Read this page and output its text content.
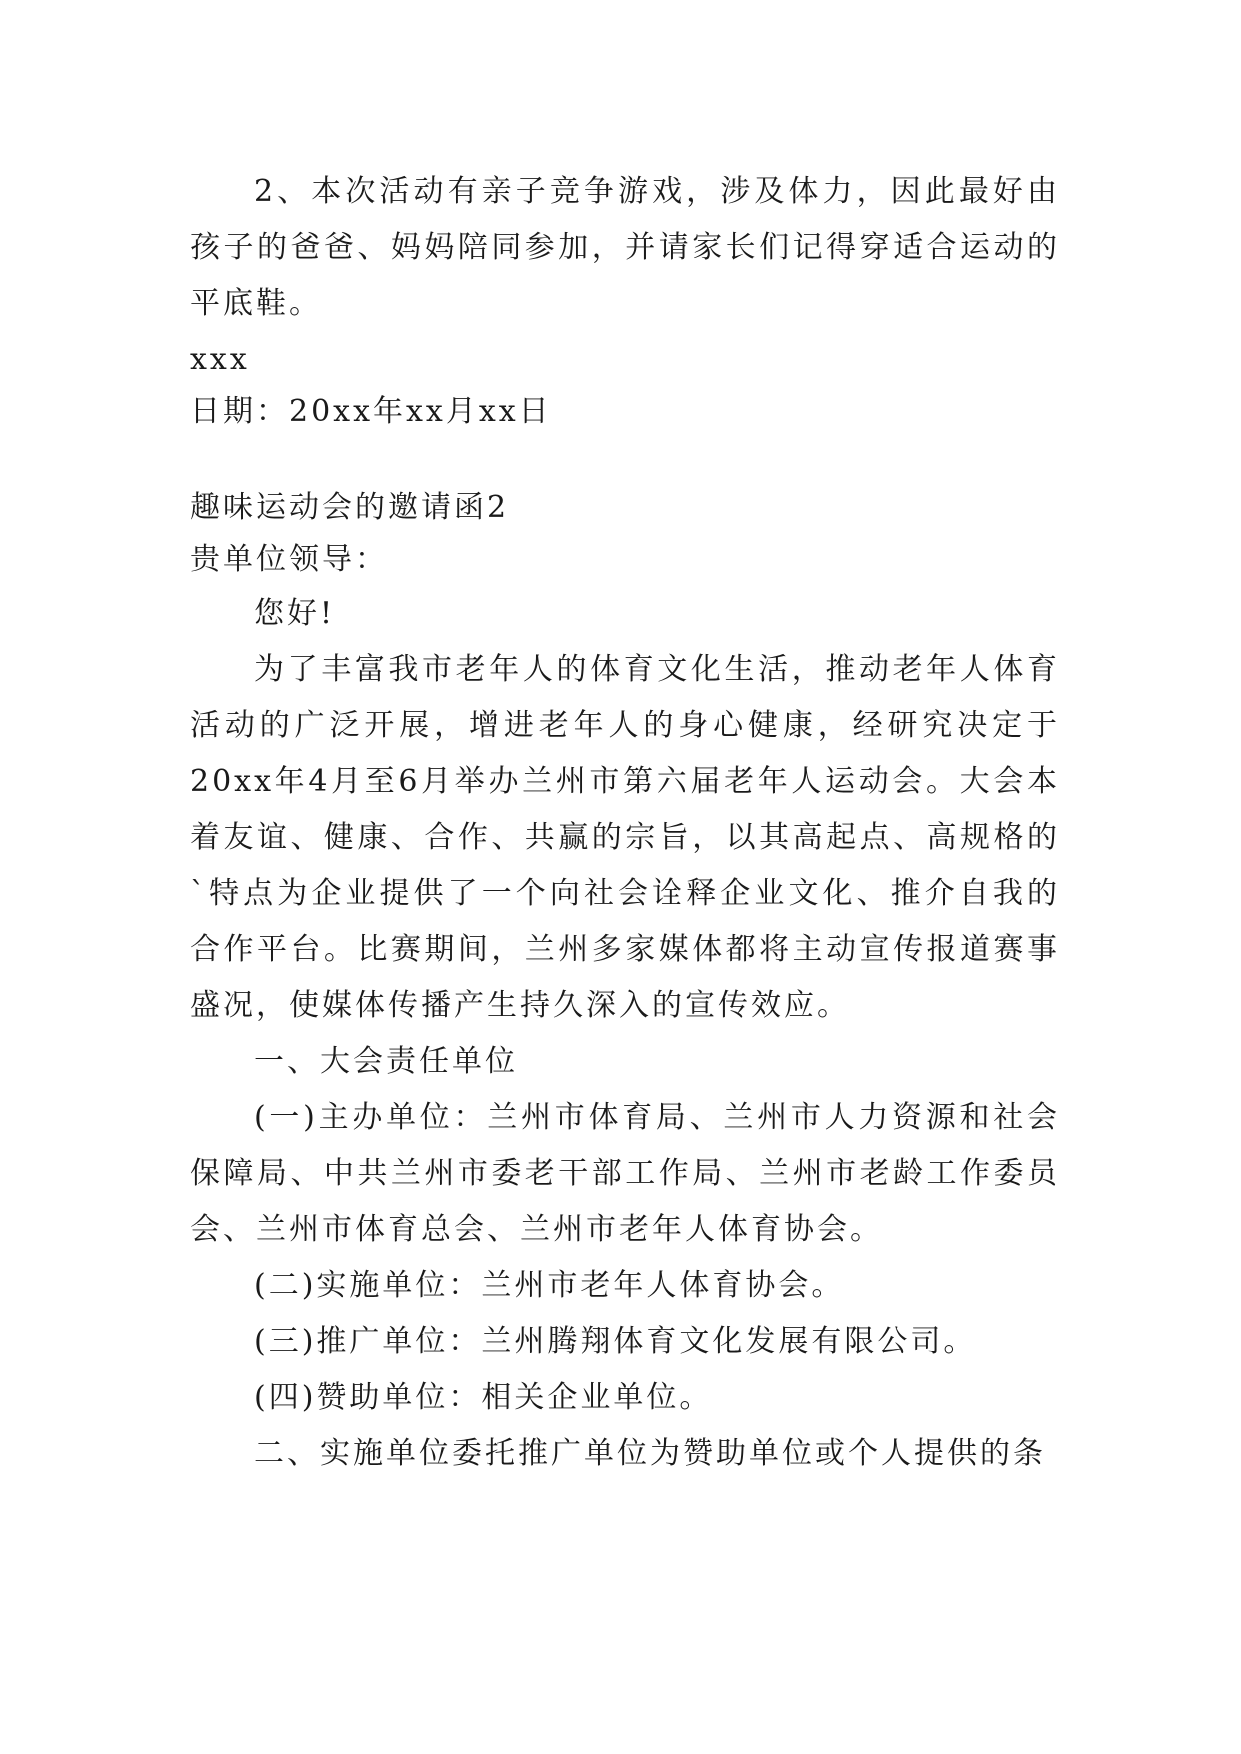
2、本次活动有亲子竞争游戏，涉及体力，因此最好由孩子的爸爸、妈妈陪同参加，并请家长们记得穿适合运动的平底鞋。

xxx

日期：20xx年xx月xx日

趣味运动会的邀请函2

贵单位领导：

您好!

为了丰富我市老年人的体育文化生活，推动老年人体育活动的广泛开展，增进老年人的身心健康，经研究决定于20xx年4月至6月举办兰州市第六届老年人运动会。大会本着友谊、健康、合作、共赢的宗旨，以其高起点、高规格的`特点为企业提供了一个向社会诠释企业文化、推介自我的合作平台。比赛期间，兰州多家媒体都将主动宣传报道赛事盛况，使媒体传播产生持久深入的宣传效应。

一、大会责任单位

(一)主办单位：兰州市体育局、兰州市人力资源和社会保障局、中共兰州市委老干部工作局、兰州市老龄工作委员会、兰州市体育总会、兰州市老年人体育协会。

(二)实施单位：兰州市老年人体育协会。

(三)推广单位：兰州腾翔体育文化发展有限公司。

(四)赞助单位：相关企业单位。

二、实施单位委托推广单位为赞助单位或个人提供的条
